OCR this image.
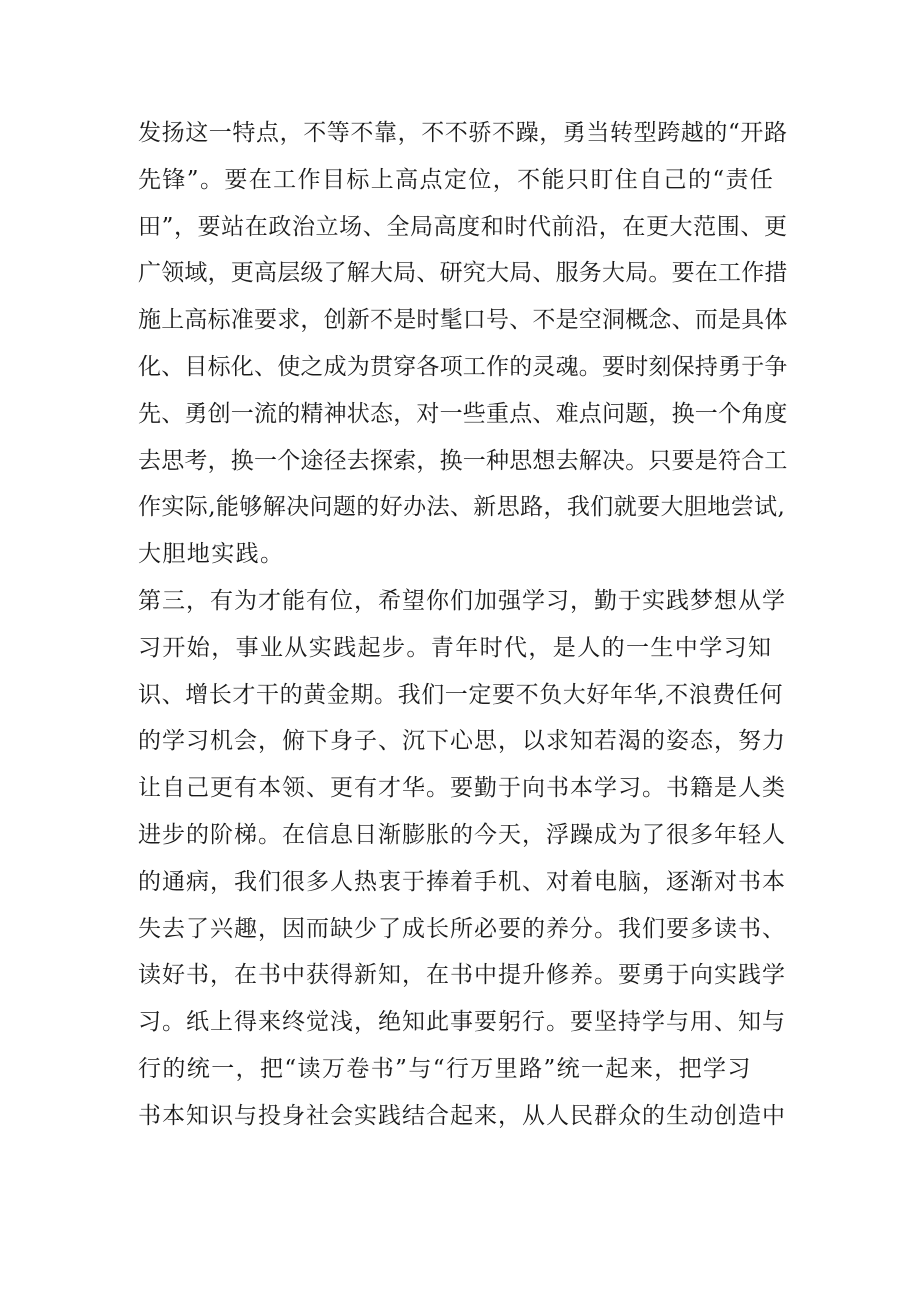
发扬这一特点，不等不靠，不不骄不躁，勇当转型跨越的“开路
先锋”。要在工作目标上高点定位，不能只盯住自己的“责任
田”，要站在政治立场、全局高度和时代前沿，在更大范围、更
广领域，更高层级了解大局、研究大局、服务大局。要在工作措
施上高标准要求，创新不是时髦口号、不是空洞概念、而是具体
化、目标化、使之成为贯穿各项工作的灵魂。要时刻保持勇于争
先、勇创一流的精神状态，对一些重点、难点问题，换一个角度
去思考，换一个途径去探索，换一种思想去解决。只要是符合工
作实际,能够解决问题的好办法、新思路，我们就要大胆地尝试,
大胆地实践。
第三，有为才能有位，希望你们加强学习，勤于实践梦想从学
习开始，事业从实践起步。青年时代，是人的一生中学习知
识、增长才干的黄金期。我们一定要不负大好年华,不浪费任何
的学习机会，俯下身子、沉下心思，以求知若渴的姿态，努力
让自己更有本领、更有才华。要勤于向书本学习。书籍是人类
进步的阶梯。在信息日渐膨胀的今天，浮躁成为了很多年轻人
的通病，我们很多人热衷于捧着手机、对着电脑，逐渐对书本
失去了兴趣，因而缺少了成长所必要的养分。我们要多读书、
读好书，在书中获得新知，在书中提升修养。要勇于向实践学
习。纸上得来终觉浅，绝知此事要躬行。要坚持学与用、知与
行的统一，把“读万卷书”与“行万里路”统一起来，把学习
书本知识与投身社会实践结合起来，从人民群众的生动创造中
